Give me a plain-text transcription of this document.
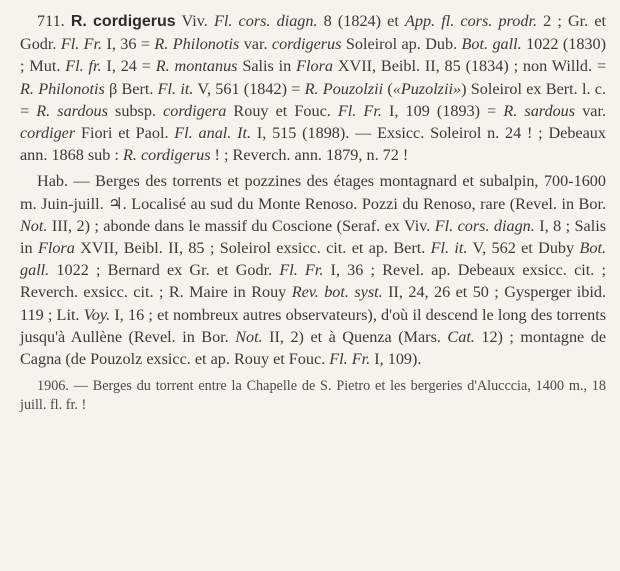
711. R. cordigerus Viv. Fl. cors. diagn. 8 (1824) et App. fl. cors. prodr. 2 ; Gr. et Godr. Fl. Fr. I, 36 = R. Philonotis var. cordigerus Soleirol ap. Dub. Bot. gall. 1022 (1830) ; Mut. Fl. fr. I, 24 = R. montanus Salis in Flora XVII, Beibl. II, 85 (1834) ; non Willd. = R. Philonotis β Bert. Fl. it. V, 561 (1842) = R. Pouzolzii («Puzolzii») Soleirol ex Bert. l. c. = R. sardous subsp. cordigera Rouy et Fouc. Fl. Fr. I, 109 (1893) = R. sardous var. cordiger Fiori et Paol. Fl. anal. It. I, 515 (1898). — Exsicc. Soleirol n. 24 ! ; Debeaux ann. 1868 sub : R. cordigerus ! ; Reverch. ann. 1879, n. 72 !

Hab. — Berges des torrents et pozzines des étages montagnard et subalpin, 700-1600 m. Juin-juill. ♃. Localisé au sud du Monte Renoso. Pozzi du Renoso, rare (Revel. in Bor. Not. III, 2) ; abonde dans le massif du Coscione (Seraf. ex Viv. Fl. cors. diagn. I, 8 ; Salis in Flora XVII, Beibl. II, 85 ; Soleirol exsicc. cit. et ap. Bert. Fl. it. V, 562 et Duby Bot. gall. 1022 ; Bernard ex Gr. et Godr. Fl. Fr. I, 36 ; Revel. ap. Debeaux exsicc. cit. ; Reverch. exsicc. cit. ; R. Maire in Rouy Rev. bot. syst. II, 24, 26 et 50 ; Gysperger ibid. 119 ; Lit. Voy. I, 16 ; et nombreux autres observateurs), d'où il descend le long des torrents jusqu'à Aullène (Revel. in Bor. Not. II, 2) et à Quenza (Mars. Cat. 12) ; montagne de Cagna (de Pouzolz exsicc. et ap. Rouy et Fouc. Fl. Fr. I, 109).

1906. — Berges du torrent entre la Chapelle de S. Pietro et les bergeries d'Alucccia, 1400 m., 18 juill. fl. fr. !
